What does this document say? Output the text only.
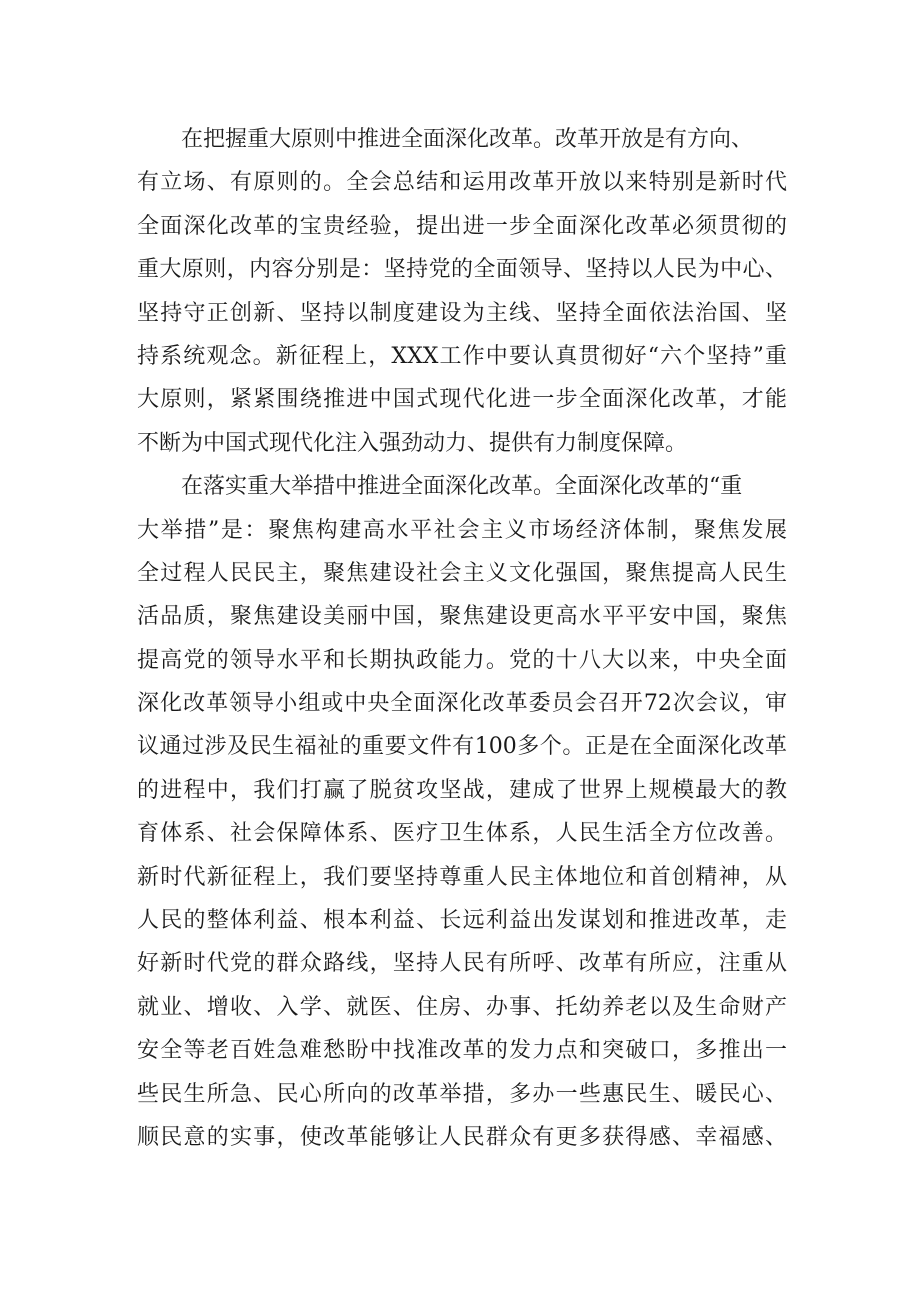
在把握重大原则中推进全面深化改革。改革开放是有方向、
有立场、有原则的。全会总结和运用改革开放以来特别是新时代
全面深化改革的宝贵经验，提出进一步全面深化改革必须贯彻的
重大原则，内容分别是：坚持党的全面领导、坚持以人民为中心、
坚持守正创新、坚持以制度建设为主线、坚持全面依法治国、坚
持系统观念。新征程上，XXX工作中要认真贯彻好“六个坚持”重
大原则，紧紧围绕推进中国式现代化进一步全面深化改革，才能
不断为中国式现代化注入强劲动力、提供有力制度保障。
在落实重大举措中推进全面深化改革。全面深化改革的“重
大举措”是：聚焦构建高水平社会主义市场经济体制，聚焦发展
全过程人民民主，聚焦建设社会主义文化强国，聚焦提高人民生
活品质，聚焦建设美丽中国，聚焦建设更高水平平安中国，聚焦
提高党的领导水平和长期执政能力。党的十八大以来，中央全面
深化改革领导小组或中央全面深化改革委员会召开72次会议，审
议通过涉及民生福祉的重要文件有100多个。正是在全面深化改革
的进程中，我们打赢了脱贫攻坚战，建成了世界上规模最大的教
育体系、社会保障体系、医疗卫生体系，人民生活全方位改善。
新时代新征程上，我们要坚持尊重人民主体地位和首创精神，从
人民的整体利益、根本利益、长远利益出发谋划和推进改革，走
好新时代党的群众路线，坚持人民有所呼、改革有所应，注重从
就业、增收、入学、就医、住房、办事、托幼养老以及生命财产
安全等老百姓急难愁盼中找准改革的发力点和突破口，多推出一
些民生所急、民心所向的改革举措，多办一些惠民生、暖民心、
顺民意的实事，使改革能够让人民群众有更多获得感、幸福感、
